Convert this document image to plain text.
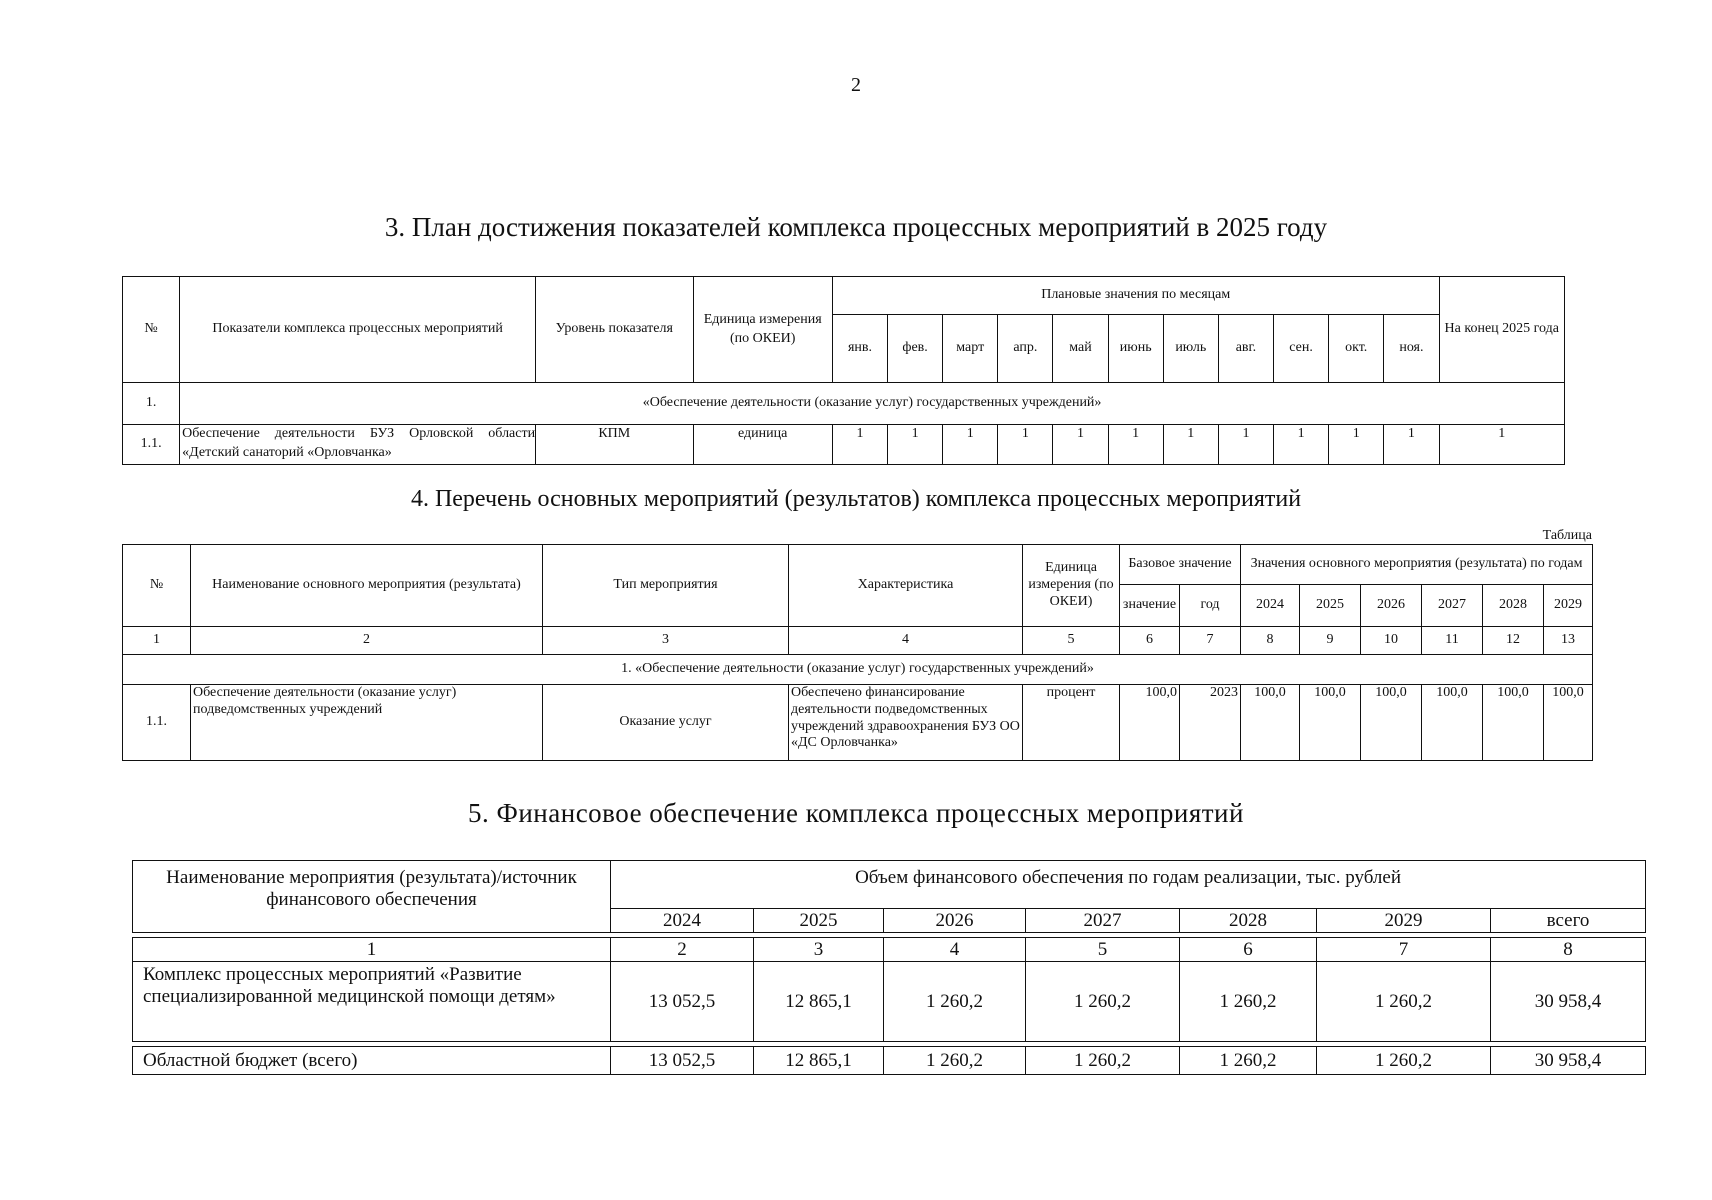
2
3. План достижения показателей комплекса процессных мероприятий в 2025 году
№	Показатели комплекса процессных мероприятий	Уровень показателя	Единица измерения (по ОКЕИ)	Плановые значения по месяцам											На конец 2025 года
				янв.	фев.	март	апр.	май	июнь	июль	авг.	сен.	окт.	ноя.	
1.	«Обеспечение деятельности (оказание услуг) государственных учреждений»														
1.1.	Обеспечение деятельности БУЗ Орловской области «Детский санаторий «Орловчанка»	КПМ	единица	1	1	1	1	1	1	1	1	1	1	1	1
4. Перечень основных мероприятий (результатов) комплекса процессных мероприятий
Таблица
№	Наименование основного мероприятия (результата)	Тип мероприятия	Характеристика	Единица измерения (по ОКЕИ)	Базовое значение		Значения основного мероприятия (результата) по годам					
					значение	год	2024	2025	2026	2027	2028	2029
1	2	3	4	5	6	7	8	9	10	11	12	13
1. «Обеспечение деятельности (оказание услуг) государственных учреждений»												
1.1.	Обеспечение деятельности (оказание услуг) подведомственных учреждений	Оказание услуг	Обеспечено финансирование деятельности подведомственных учреждений здравоохранения БУЗ ОО «ДС Орловчанка»	процент	100,0	2023	100,0	100,0	100,0	100,0	100,0	100,0
5. Финансовое обеспечение комплекса процессных мероприятий
Наименование мероприятия (результата)/источник финансового обеспечения	Объем финансового обеспечения по годам реализации, тыс. рублей						
	2024	2025	2026	2027	2028	2029	всего

1	2	3	4	5	6	7	8
Комплекс процессных мероприятий «Развитие специализированной медицинской помощи детям»	13 052,5	12 865,1	1 260,2	1 260,2	1 260,2	1 260,2	30 958,4

Областной бюджет (всего)	13 052,5	12 865,1	1 260,2	1 260,2	1 260,2	1 260,2	30 958,4
